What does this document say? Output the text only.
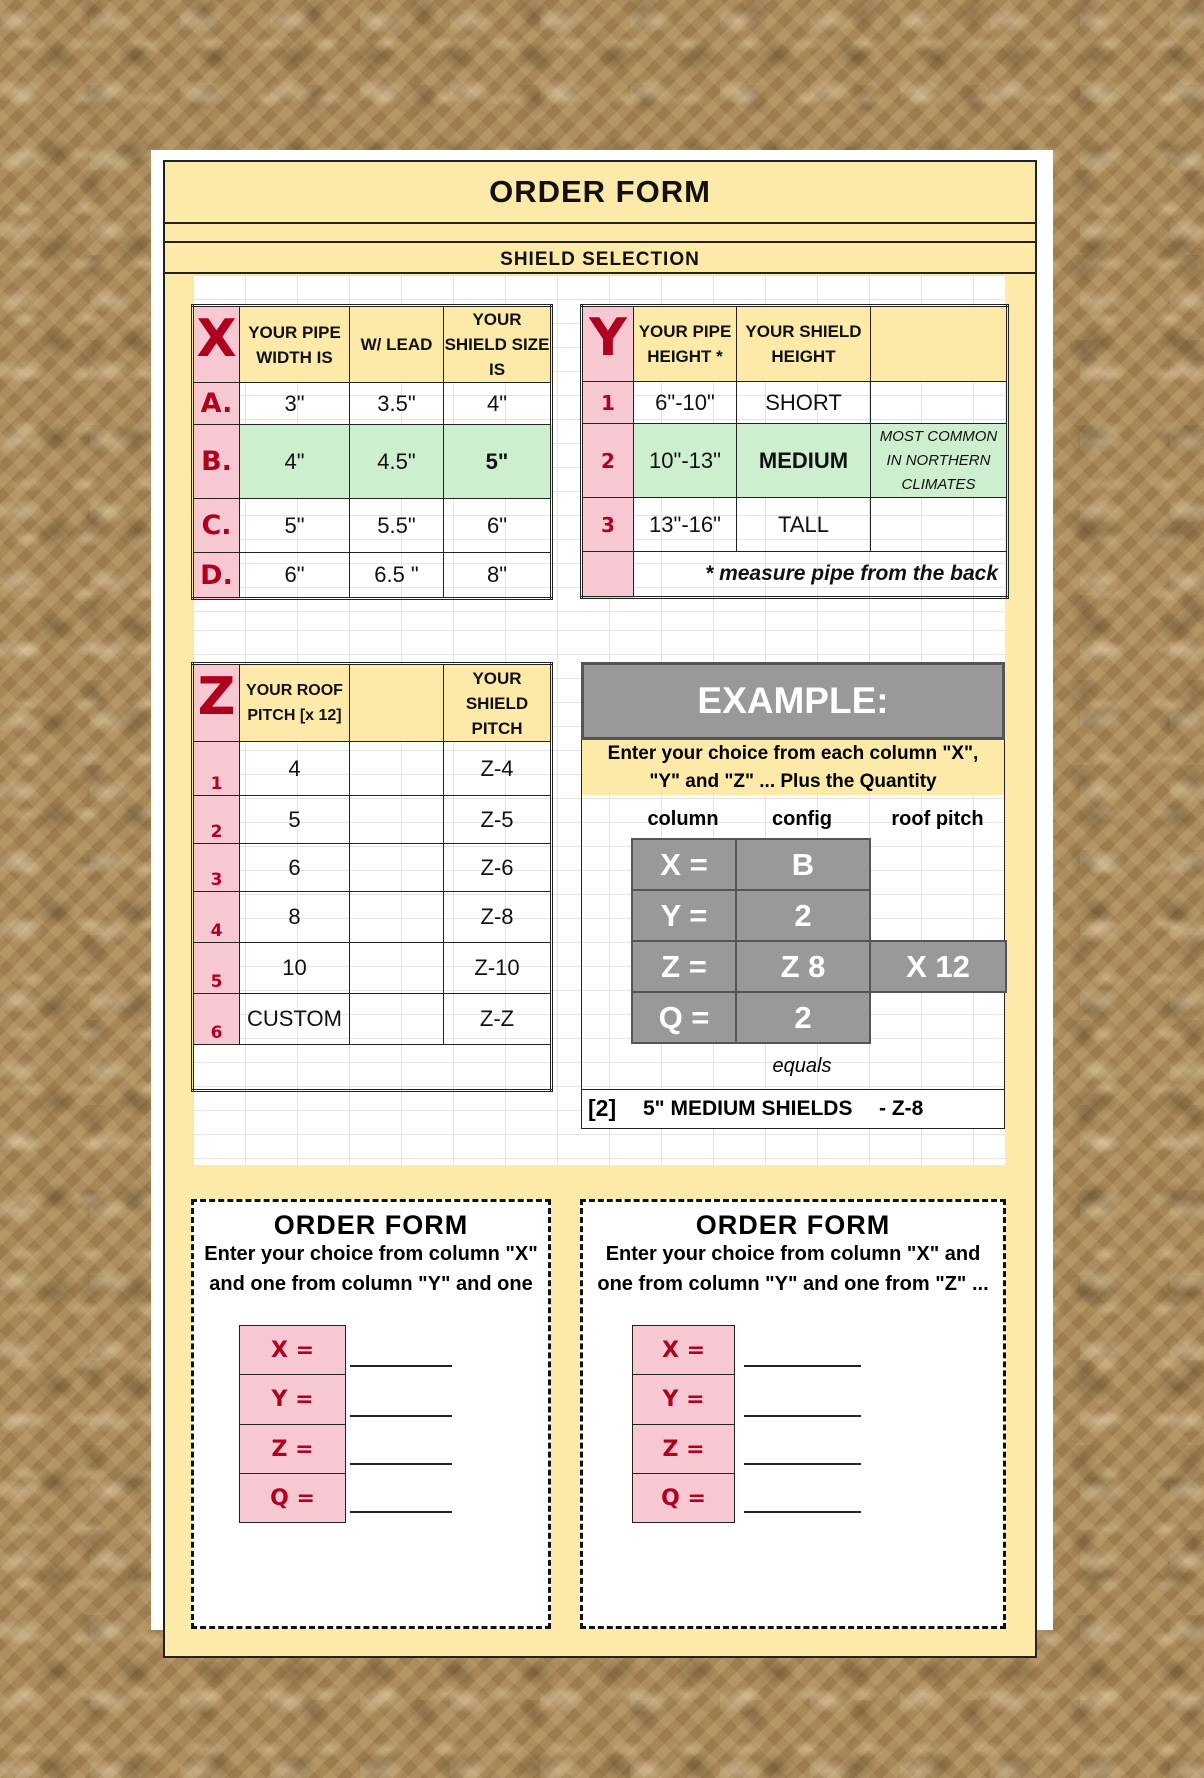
ORDER FORM
SHIELD SELECTION
X	YOUR PIPE WIDTH IS	W/ LEAD	YOUR SHIELD SIZE IS
A.	3"	3.5"	4"
B.	4"	4.5"	5"
C.	5"	5.5"	6"
D.	6"	6.5 "	8"
Y	YOUR PIPE HEIGHT *	YOUR SHIELD HEIGHT	
1	6"-10"	SHORT	
2	10"-13"	MEDIUM	MOST COMMON IN NORTHERN CLIMATES
3	13"-16"	TALL	
	* measure pipe from the back		
Z	YOUR ROOF PITCH [x 12]		YOUR SHIELD PITCH
1	4		Z-4
2	5		Z-5
3	6		Z-6
4	8		Z-8
5	10		Z-10
6	CUSTOM		Z-Z

EXAMPLE:
Enter your choice from each column "X",
"Y" and "Z" ... Plus the Quantity
column	config	roof pitch
X =	B	
Y =	2	
Z =	Z 8	X 12
Q =	2	
equals
[2] 5" MEDIUM SHIELDS - Z-8
ORDER FORM
Enter your choice from column "X"
and one from column "Y" and one
X =
Y =
Z =
Q =
ORDER FORM
Enter your choice from column "X" and
one from column "Y" and one from "Z" ...
X =
Y =
Z =
Q =
